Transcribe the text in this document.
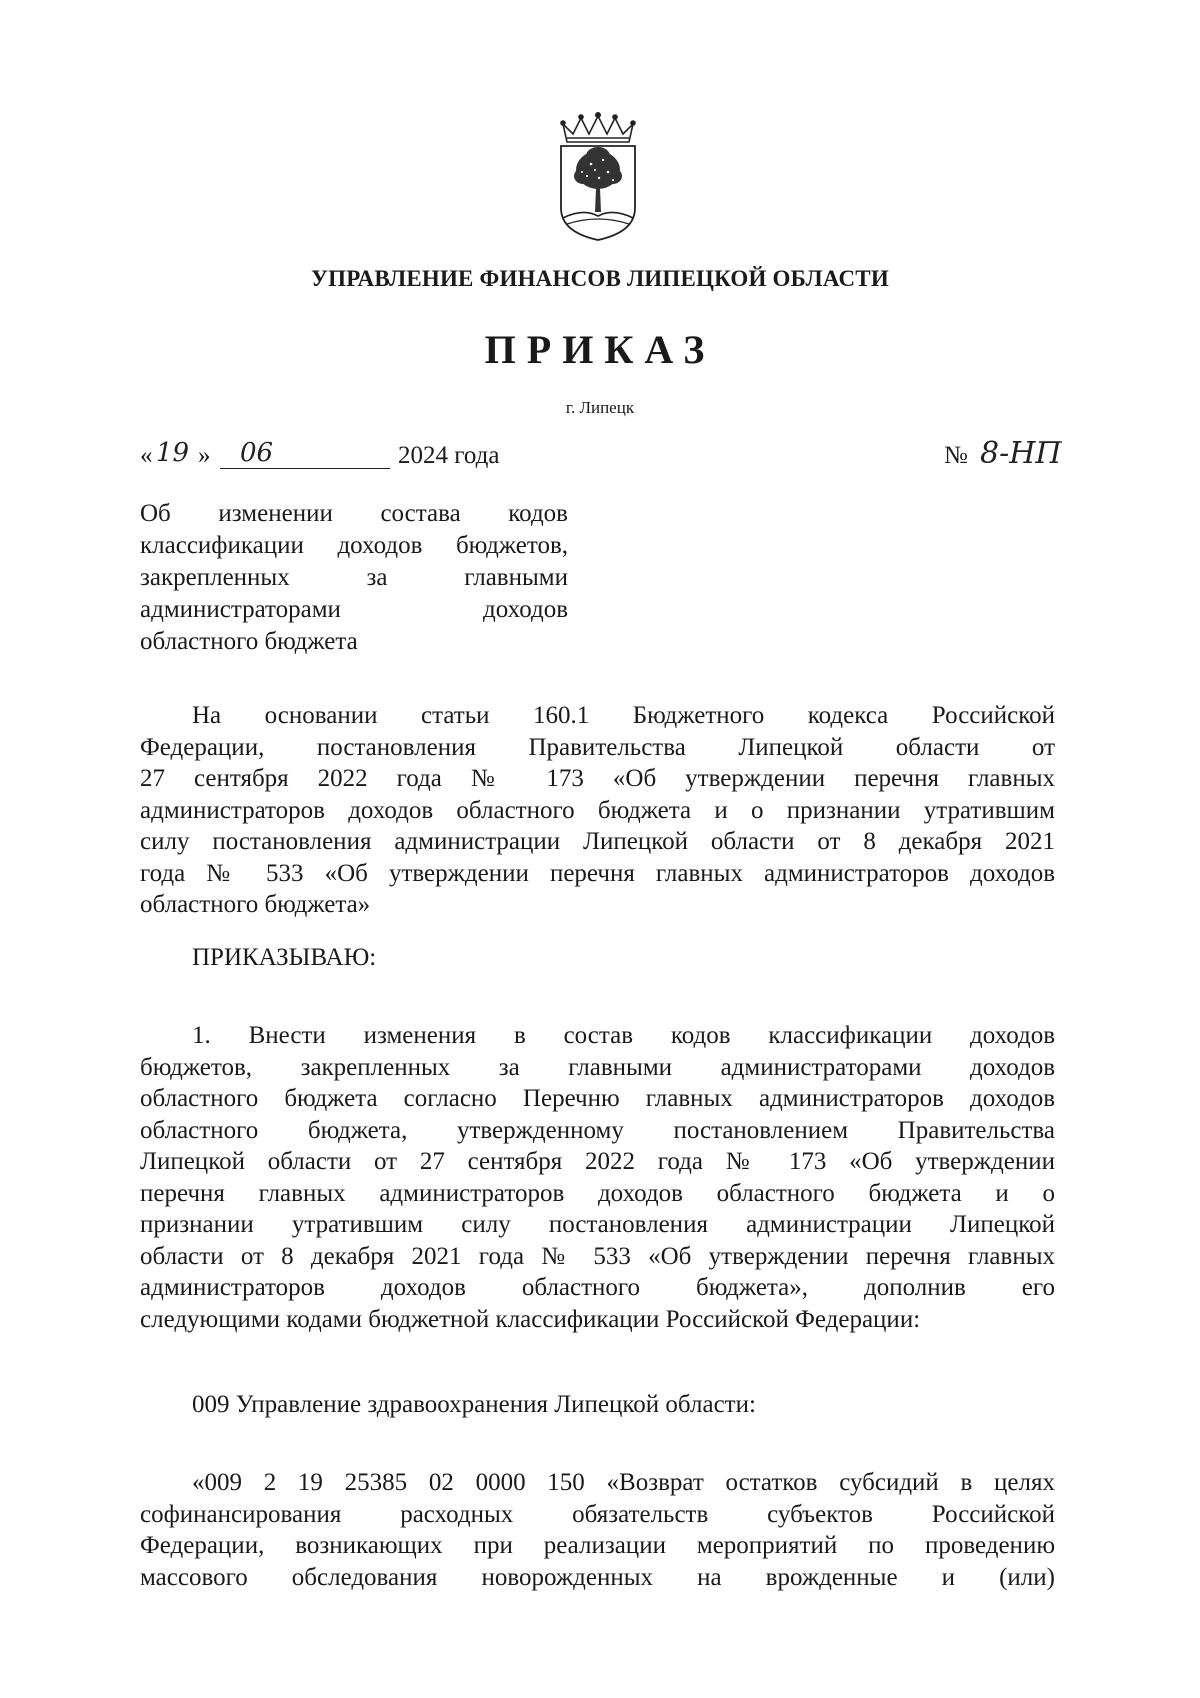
УПРАВЛЕНИЕ ФИНАНСОВ ЛИПЕЦКОЙ ОБЛАСТИ
ПРИКАЗ
г. Липецк
« 19 » 06	2024 года	№ 8-НП
Об изменении состава кодов
классификации доходов бюджетов,
закрепленных за главными
администраторами доходов
областного бюджета
На основании статьи 160.1 Бюджетного кодекса Российской
Федерации, постановления Правительства Липецкой области от
27 сентября 2022 года № 173 «Об утверждении перечня главных
администраторов доходов областного бюджета и о признании утратившим
силу постановления администрации Липецкой области от 8 декабря 2021
года № 533 «Об утверждении перечня главных администраторов доходов
областного бюджета»
ПРИКАЗЫВАЮ:
1. Внести изменения в состав кодов классификации доходов
бюджетов, закрепленных за главными администраторами доходов
областного бюджета согласно Перечню главных администраторов доходов
областного бюджета, утвержденному постановлением Правительства
Липецкой области от 27 сентября 2022 года № 173 «Об утверждении
перечня главных администраторов доходов областного бюджета и о
признании утратившим силу постановления администрации Липецкой
области от 8 декабря 2021 года № 533 «Об утверждении перечня главных
администраторов доходов областного бюджета», дополнив его
следующими кодами бюджетной классификации Российской Федерации:
009 Управление здравоохранения Липецкой области:
«009 2 19 25385 02 0000 150 «Возврат остатков субсидий в целях
софинансирования расходных обязательств субъектов Российской
Федерации, возникающих при реализации мероприятий по проведению
массового обследования новорожденных на врожденные и (или)
